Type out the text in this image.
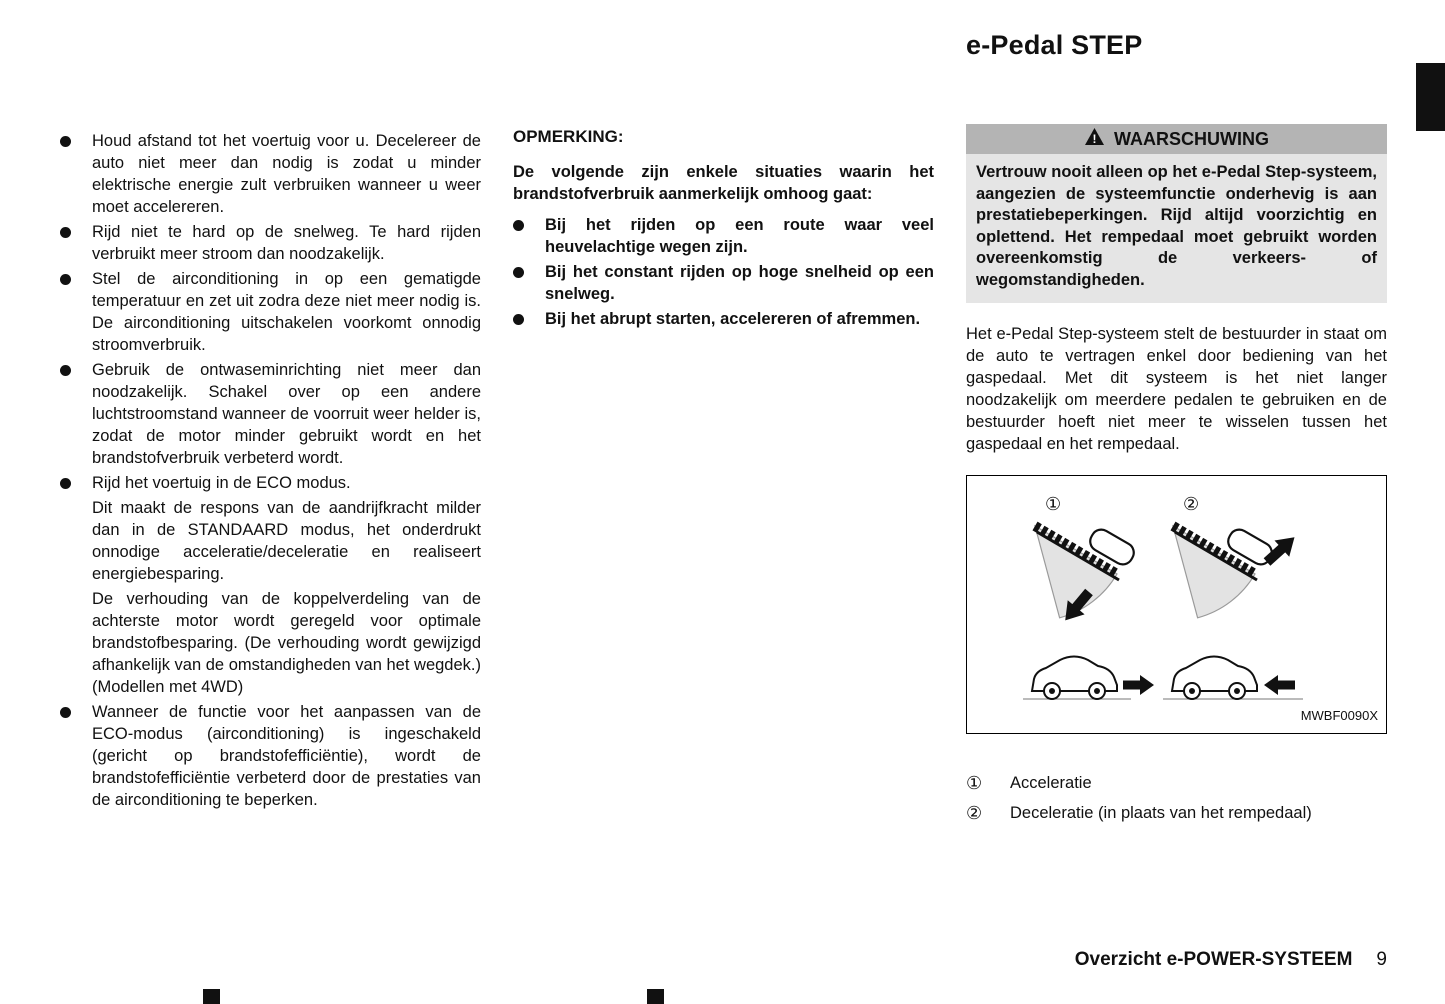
e-Pedal STEP

Houd afstand tot het voertuig voor u. Decelereer de auto niet meer dan nodig is zodat u minder elektrische energie zult verbruiken wanneer u weer moet accelereren.

Rijd niet te hard op de snelweg. Te hard rijden verbruikt meer stroom dan noodzakelijk.

Stel de airconditioning in op een gematigde temperatuur en zet uit zodra deze niet meer nodig is. De airconditioning uitschakelen voorkomt onnodig stroomverbruik.

Gebruik de ontwaseminrichting niet meer dan noodzakelijk. Schakel over op een andere luchtstroomstand wanneer de voorruit weer helder is, zodat de motor minder gebruikt wordt en het brandstofverbruik verbeterd wordt.

Rijd het voertuig in de ECO modus.

Dit maakt de respons van de aandrijfkracht milder dan in de STANDAARD modus, het onderdrukt onnodige acceleratie/deceleratie en realiseert energiebesparing.

De verhouding van de koppelverdeling van de achterste motor wordt geregeld voor optimale brandstofbesparing. (De verhouding wordt gewijzigd afhankelijk van de omstandigheden van het wegdek.) (Modellen met 4WD)

Wanneer de functie voor het aanpassen van de ECO-modus (airconditioning) is ingeschakeld (gericht op brandstofefficiëntie), wordt de brandstofefficiëntie verbeterd door de prestaties van de airconditioning te beperken.

OPMERKING:

De volgende zijn enkele situaties waarin het brandstofverbruik aanmerkelijk omhoog gaat:

Bij het rijden op een route waar veel heuvelachtige wegen zijn.

Bij het constant rijden op hoge snelheid op een snelweg.

Bij het abrupt starten, accelereren of afremmen.

! WAARSCHUWING
Vertrouw nooit alleen op het e-Pedal Step-systeem, aangezien de systeemfunctie onderhevig is aan prestatiebeperkingen. Rijd altijd voorzichtig en oplettend. Het rempedaal moet gebruikt worden overeenkomstig de verkeers- of wegomstandigheden.

Het e-Pedal Step-systeem stelt de bestuurder in staat om de auto te vertragen enkel door bediening van het gaspedaal. Met dit systeem is het niet langer noodzakelijk om meerdere pedalen te gebruiken en de bestuurder hoeft niet meer te wisselen tussen het gaspedaal en het rempedaal.

①	②
MWBF0090X
①	Acceleratie
②	Deceleratie (in plaats van het rempedaal)
Overzicht e-POWER-SYSTEEM 9
